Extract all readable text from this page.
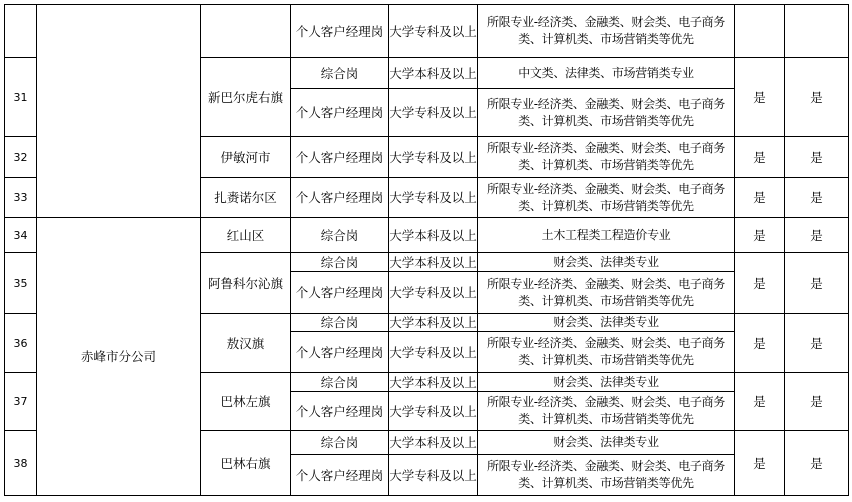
			个人客户经理岗	大学专科及以上	所限专业-经济类、金融类、财会类、电子商务类、计算机类、市场营销类等优先		
31		新巴尔虎右旗	综合岗	大学本科及以上	中文类、法律类、市场营销类专业	是	是
			个人客户经理岗	大学专科及以上	所限专业-经济类、金融类、财会类、电子商务类、计算机类、市场营销类等优先		
32		伊敏河市	个人客户经理岗	大学专科及以上	所限专业-经济类、金融类、财会类、电子商务类、计算机类、市场营销类等优先	是	是
33		扎赉诺尔区	个人客户经理岗	大学专科及以上	所限专业-经济类、金融类、财会类、电子商务类、计算机类、市场营销类等优先	是	是
34	赤峰市分公司	红山区	综合岗	大学本科及以上	土木工程类工程造价专业	是	是
35		阿鲁科尔沁旗	综合岗	大学本科及以上	财会类、法律类专业	是	是
			个人客户经理岗	大学专科及以上	所限专业-经济类、金融类、财会类、电子商务类、计算机类、市场营销类等优先		
36		敖汉旗	综合岗	大学本科及以上	财会类、法律类专业	是	是
			个人客户经理岗	大学专科及以上	所限专业-经济类、金融类、财会类、电子商务类、计算机类、市场营销类等优先		
37		巴林左旗	综合岗	大学本科及以上	财会类、法律类专业	是	是
			个人客户经理岗	大学专科及以上	所限专业-经济类、金融类、财会类、电子商务类、计算机类、市场营销类等优先		
38		巴林右旗	综合岗	大学本科及以上	财会类、法律类专业	是	是
			个人客户经理岗	大学专科及以上	所限专业-经济类、金融类、财会类、电子商务类、计算机类、市场营销类等优先		
